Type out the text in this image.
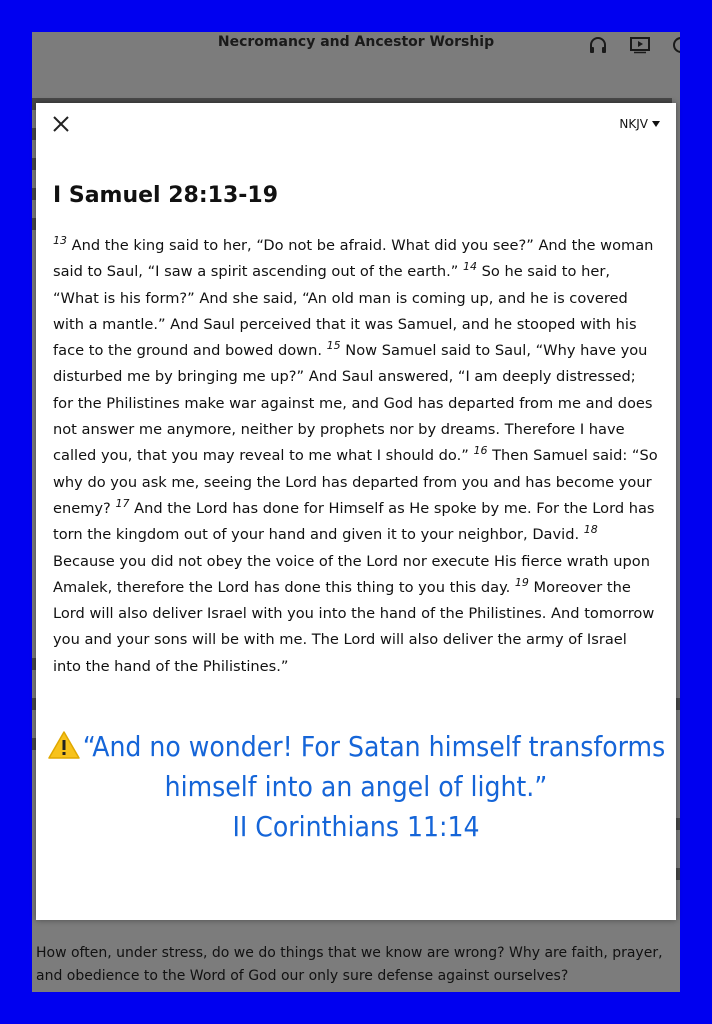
Necromancy and Ancestor Worship
How often, under stress, do we do things that we know are wrong? Why are faith, prayer, and obedience to the Word of God our only sure defense against ourselves?
NKJV
I Samuel 28:13-19
$^{13}$ And the king said to her, “Do not be afraid. What did you see?” And the woman said to Saul, “I saw a spirit ascending out of the earth.” $^{14}$ So he said to her, “What is his form?” And she said, “An old man is coming up, and he is covered with a mantle.” And Saul perceived that it was Samuel, and he stooped with his face to the ground and bowed down. $^{15}$ Now Samuel said to Saul, “Why have you disturbed me by bringing me up?” And Saul answered, “I am deeply distressed; for the Philistines make war against me, and God has departed from me and does not answer me anymore, neither by prophets nor by dreams. Therefore I have called you, that you may reveal to me what I should do.” $^{16}$ Then Samuel said: “So why do you ask me, seeing the Lord has departed from you and has become your enemy? $^{17}$ And the Lord has done for Himself as He spoke by me. For the Lord has torn the kingdom out of your hand and given it to your neighbor, David. $^{18}$ Because you did not obey the voice of the Lord nor execute His fierce wrath upon Amalek, therefore the Lord has done this thing to you this day. $^{19}$ Moreover the Lord will also deliver Israel with you into the hand of the Philistines. And tomorrow you and your sons will be with me. The Lord will also deliver the army of Israel into the hand of the Philistines.”
“And no wonder! For Satan himself transforms
himself into an angel of light.”
II Corinthians 11:14
